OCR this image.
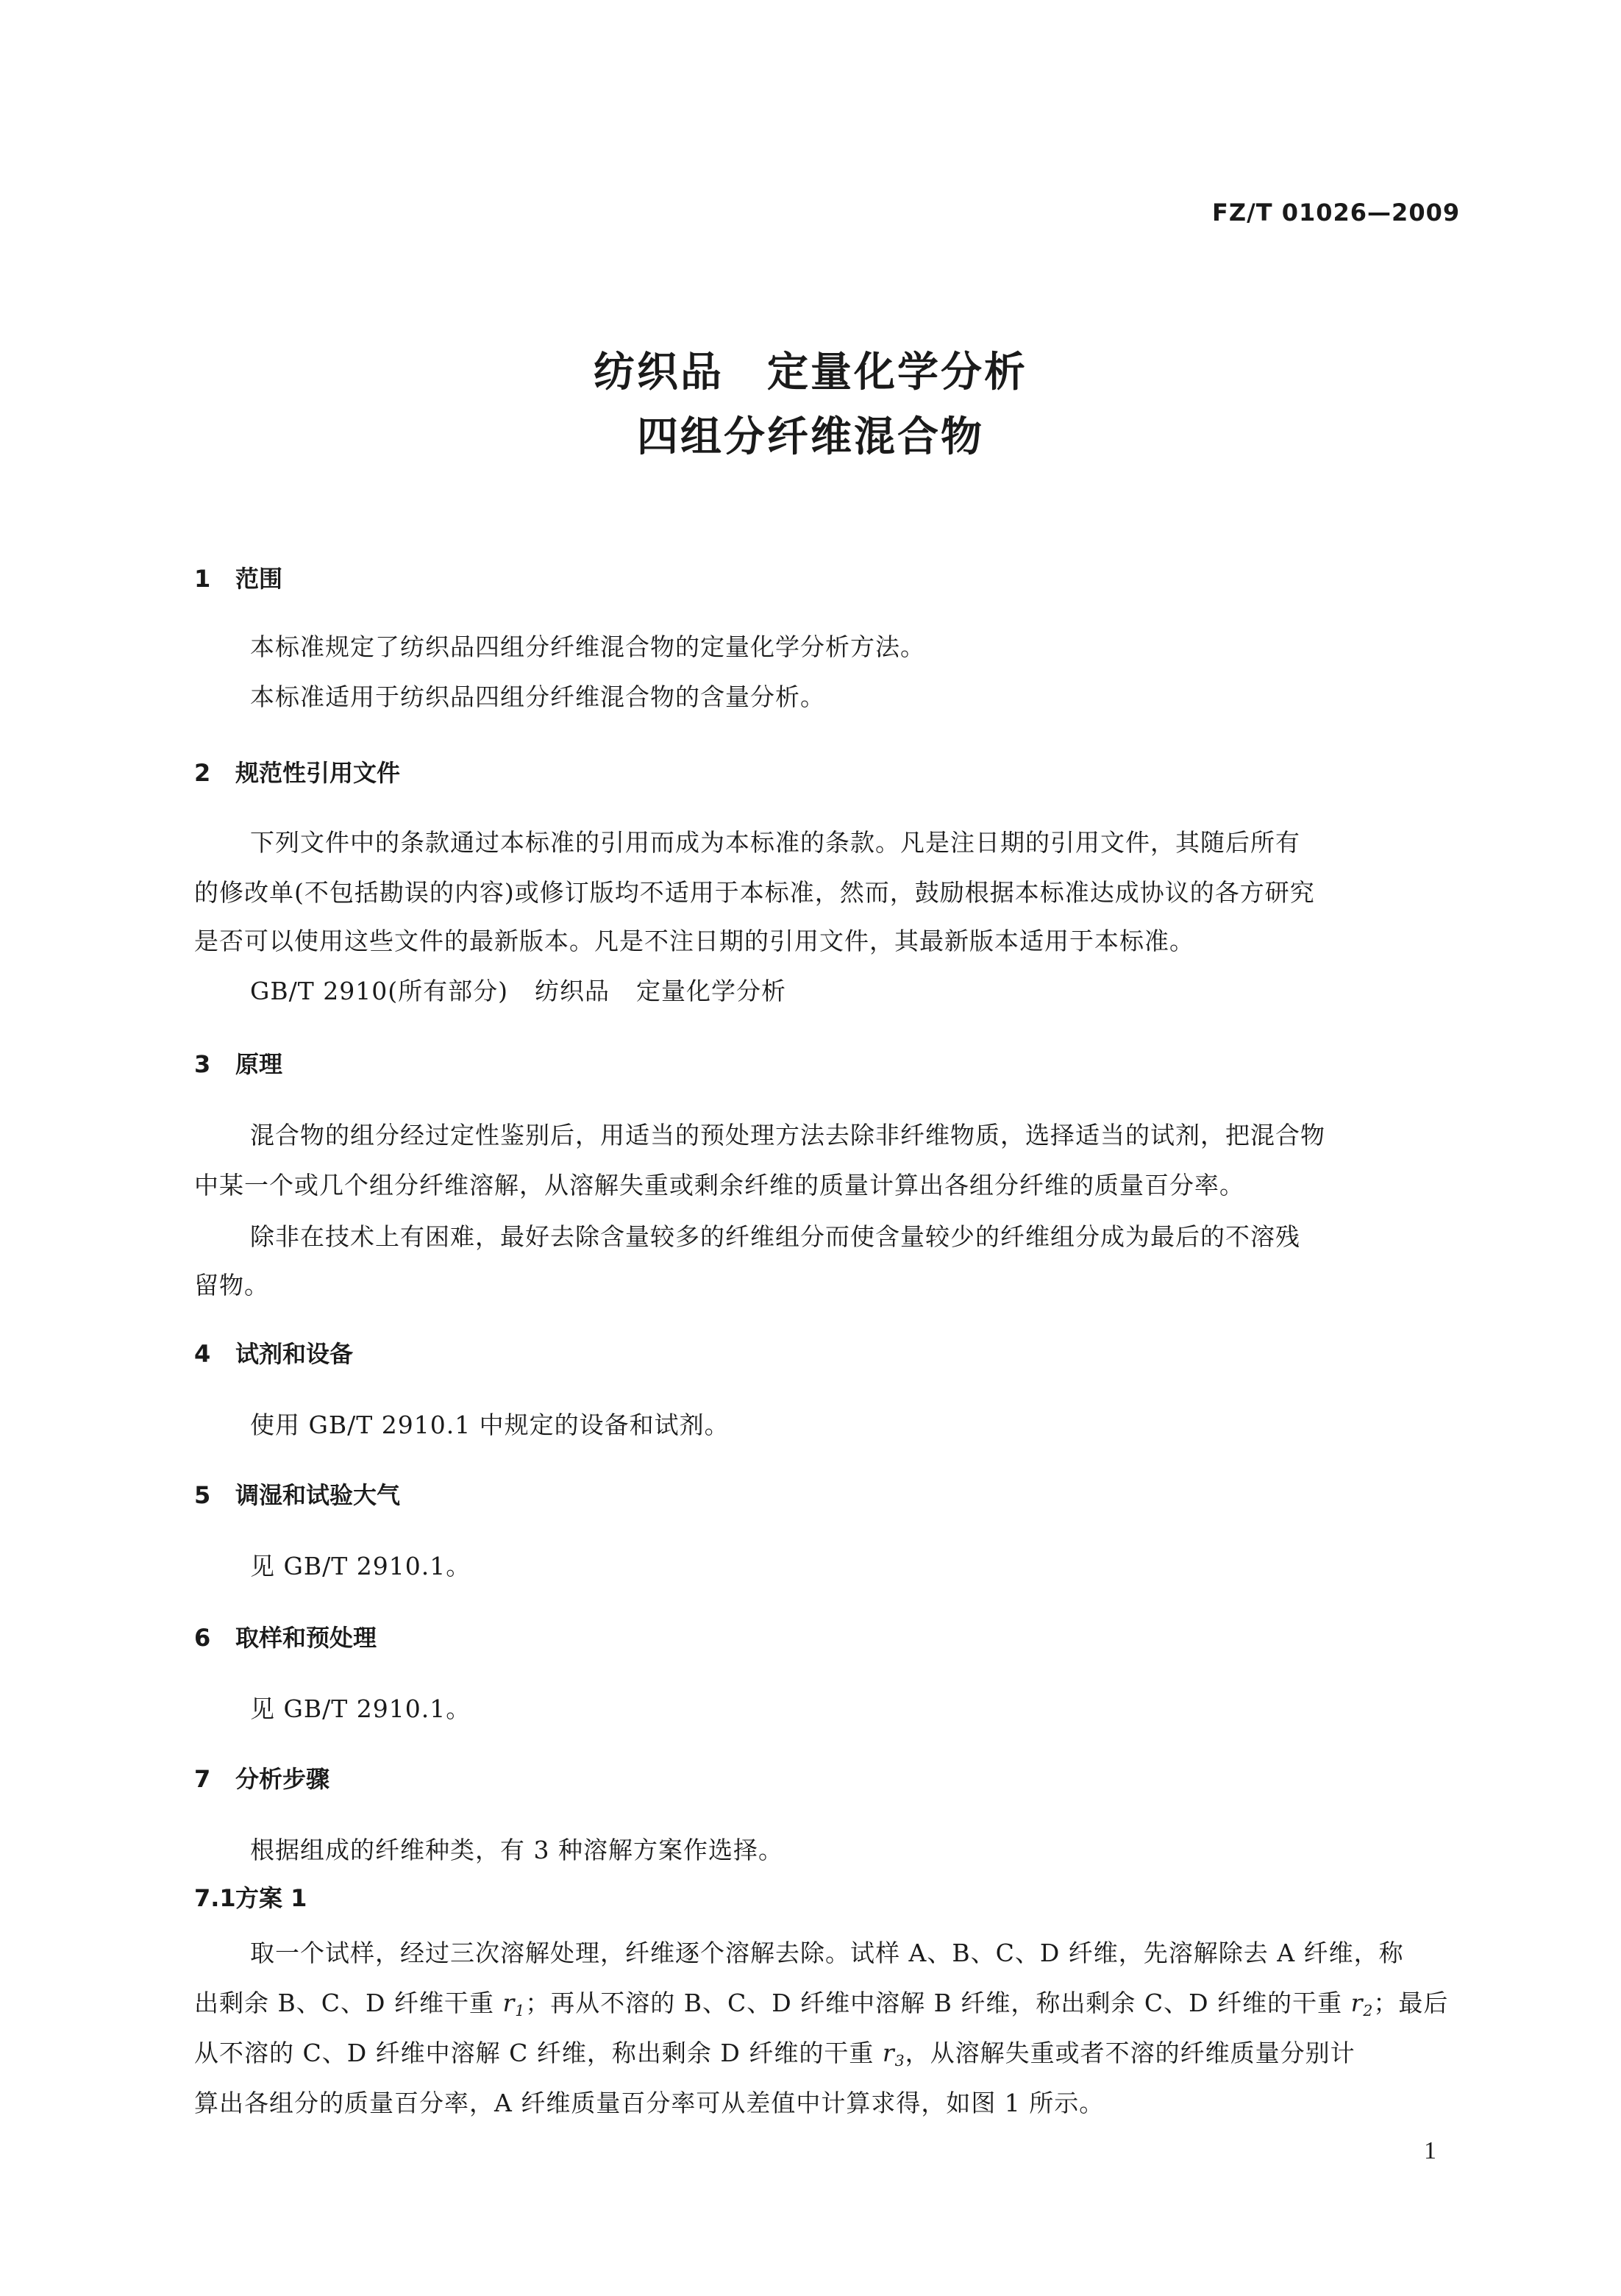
FZ/T 01026—2009
纺织品　定量化学分析
四组分纤维混合物
1 范围
本标准规定了纺织品四组分纤维混合物的定量化学分析方法。
本标准适用于纺织品四组分纤维混合物的含量分析。
2 规范性引用文件
下列文件中的条款通过本标准的引用而成为本标准的条款。凡是注日期的引用文件，其随后所有
的修改单(不包括勘误的内容)或修订版均不适用于本标准，然而，鼓励根据本标准达成协议的各方研究
是否可以使用这些文件的最新版本。凡是不注日期的引用文件，其最新版本适用于本标准。
GB/T 2910(所有部分) 纺织品 定量化学分析
3 原理
混合物的组分经过定性鉴别后，用适当的预处理方法去除非纤维物质，选择适当的试剂，把混合物
中某一个或几个组分纤维溶解，从溶解失重或剩余纤维的质量计算出各组分纤维的质量百分率。
除非在技术上有困难，最好去除含量较多的纤维组分而使含量较少的纤维组分成为最后的不溶残
留物。
4 试剂和设备
使用 GB/T 2910.1 中规定的设备和试剂。
5 调湿和试验大气
见 GB/T 2910.1。
6 取样和预处理
见 GB/T 2910.1。
7 分析步骤
根据组成的纤维种类，有 3 种溶解方案作选择。
7.1方案 1
取一个试样，经过三次溶解处理，纤维逐个溶解去除。试样 A、B、C、D 纤维，先溶解除去 A 纤维，称
出剩余 B、C、D 纤维干重 $r_1$；再从不溶的 B、C、D 纤维中溶解 B 纤维，称出剩余 C、D 纤维的干重 $r_2$；最后
从不溶的 C、D 纤维中溶解 C 纤维，称出剩余 D 纤维的干重 $r_3$，从溶解失重或者不溶的纤维质量分别计
算出各组分的质量百分率，A 纤维质量百分率可从差值中计算求得，如图 1 所示。
1
